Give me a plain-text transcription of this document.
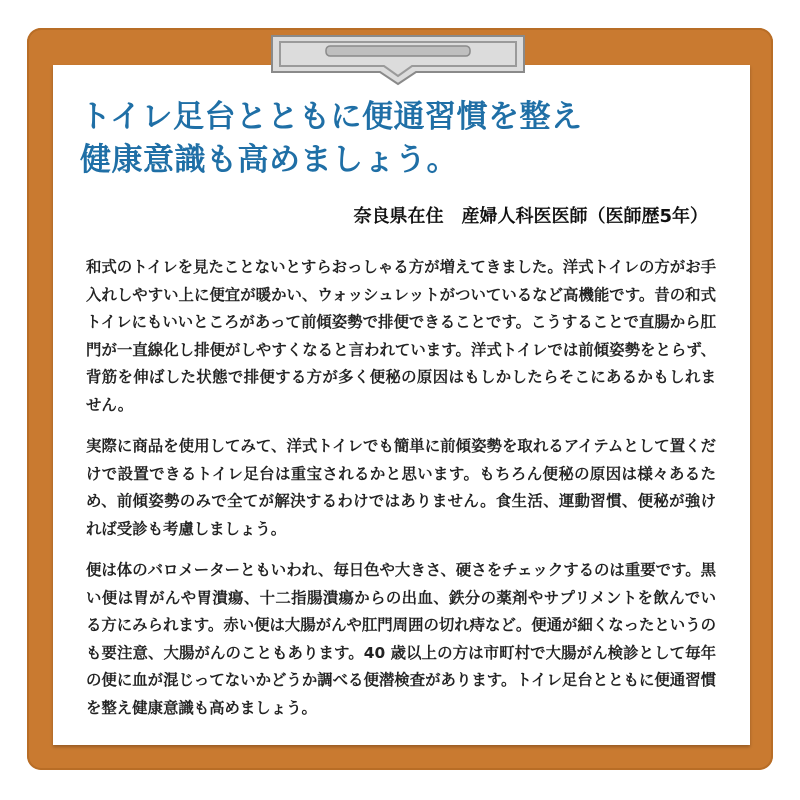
トイレ足台とともに便通習慣を整え
健康意識も高めましょう。

奈良県在住　産婦人科医医師（医師歴5年）

和式のトイレを見たことないとすらおっしゃる方が増えてきました。洋式トイレの方がお手入れしやすい上に便宜が暖かい、ウォッシュレットがついているなど高機能です。昔の和式トイレにもいいところがあって前傾姿勢で排便できることです。こうすることで直腸から肛門が一直線化し排便がしやすくなると言われています。洋式トイレでは前傾姿勢をとらず、背筋を伸ばした状態で排便する方が多く便秘の原因はもしかしたらそこにあるかもしれません。

実際に商品を使用してみて、洋式トイレでも簡単に前傾姿勢を取れるアイテムとして置くだけで設置できるトイレ足台は重宝されるかと思います。もちろん便秘の原因は様々あるため、前傾姿勢のみで全てが解決するわけではありません。食生活、運動習慣、便秘が強ければ受診も考慮しましょう。

便は体のバロメーターともいわれ、毎日色や大きさ、硬さをチェックするのは重要です。黒い便は胃がんや胃潰瘍、十二指腸潰瘍からの出血、鉄分の薬剤やサプリメントを飲んでいる方にみられます。赤い便は大腸がんや肛門周囲の切れ痔など。便通が細くなったというのも要注意、大腸がんのこともあります。40 歳以上の方は市町村で大腸がん検診として毎年の便に血が混じってないかどうか調べる便潜検査があります。トイレ足台とともに便通習慣を整え健康意識も高めましょう。
